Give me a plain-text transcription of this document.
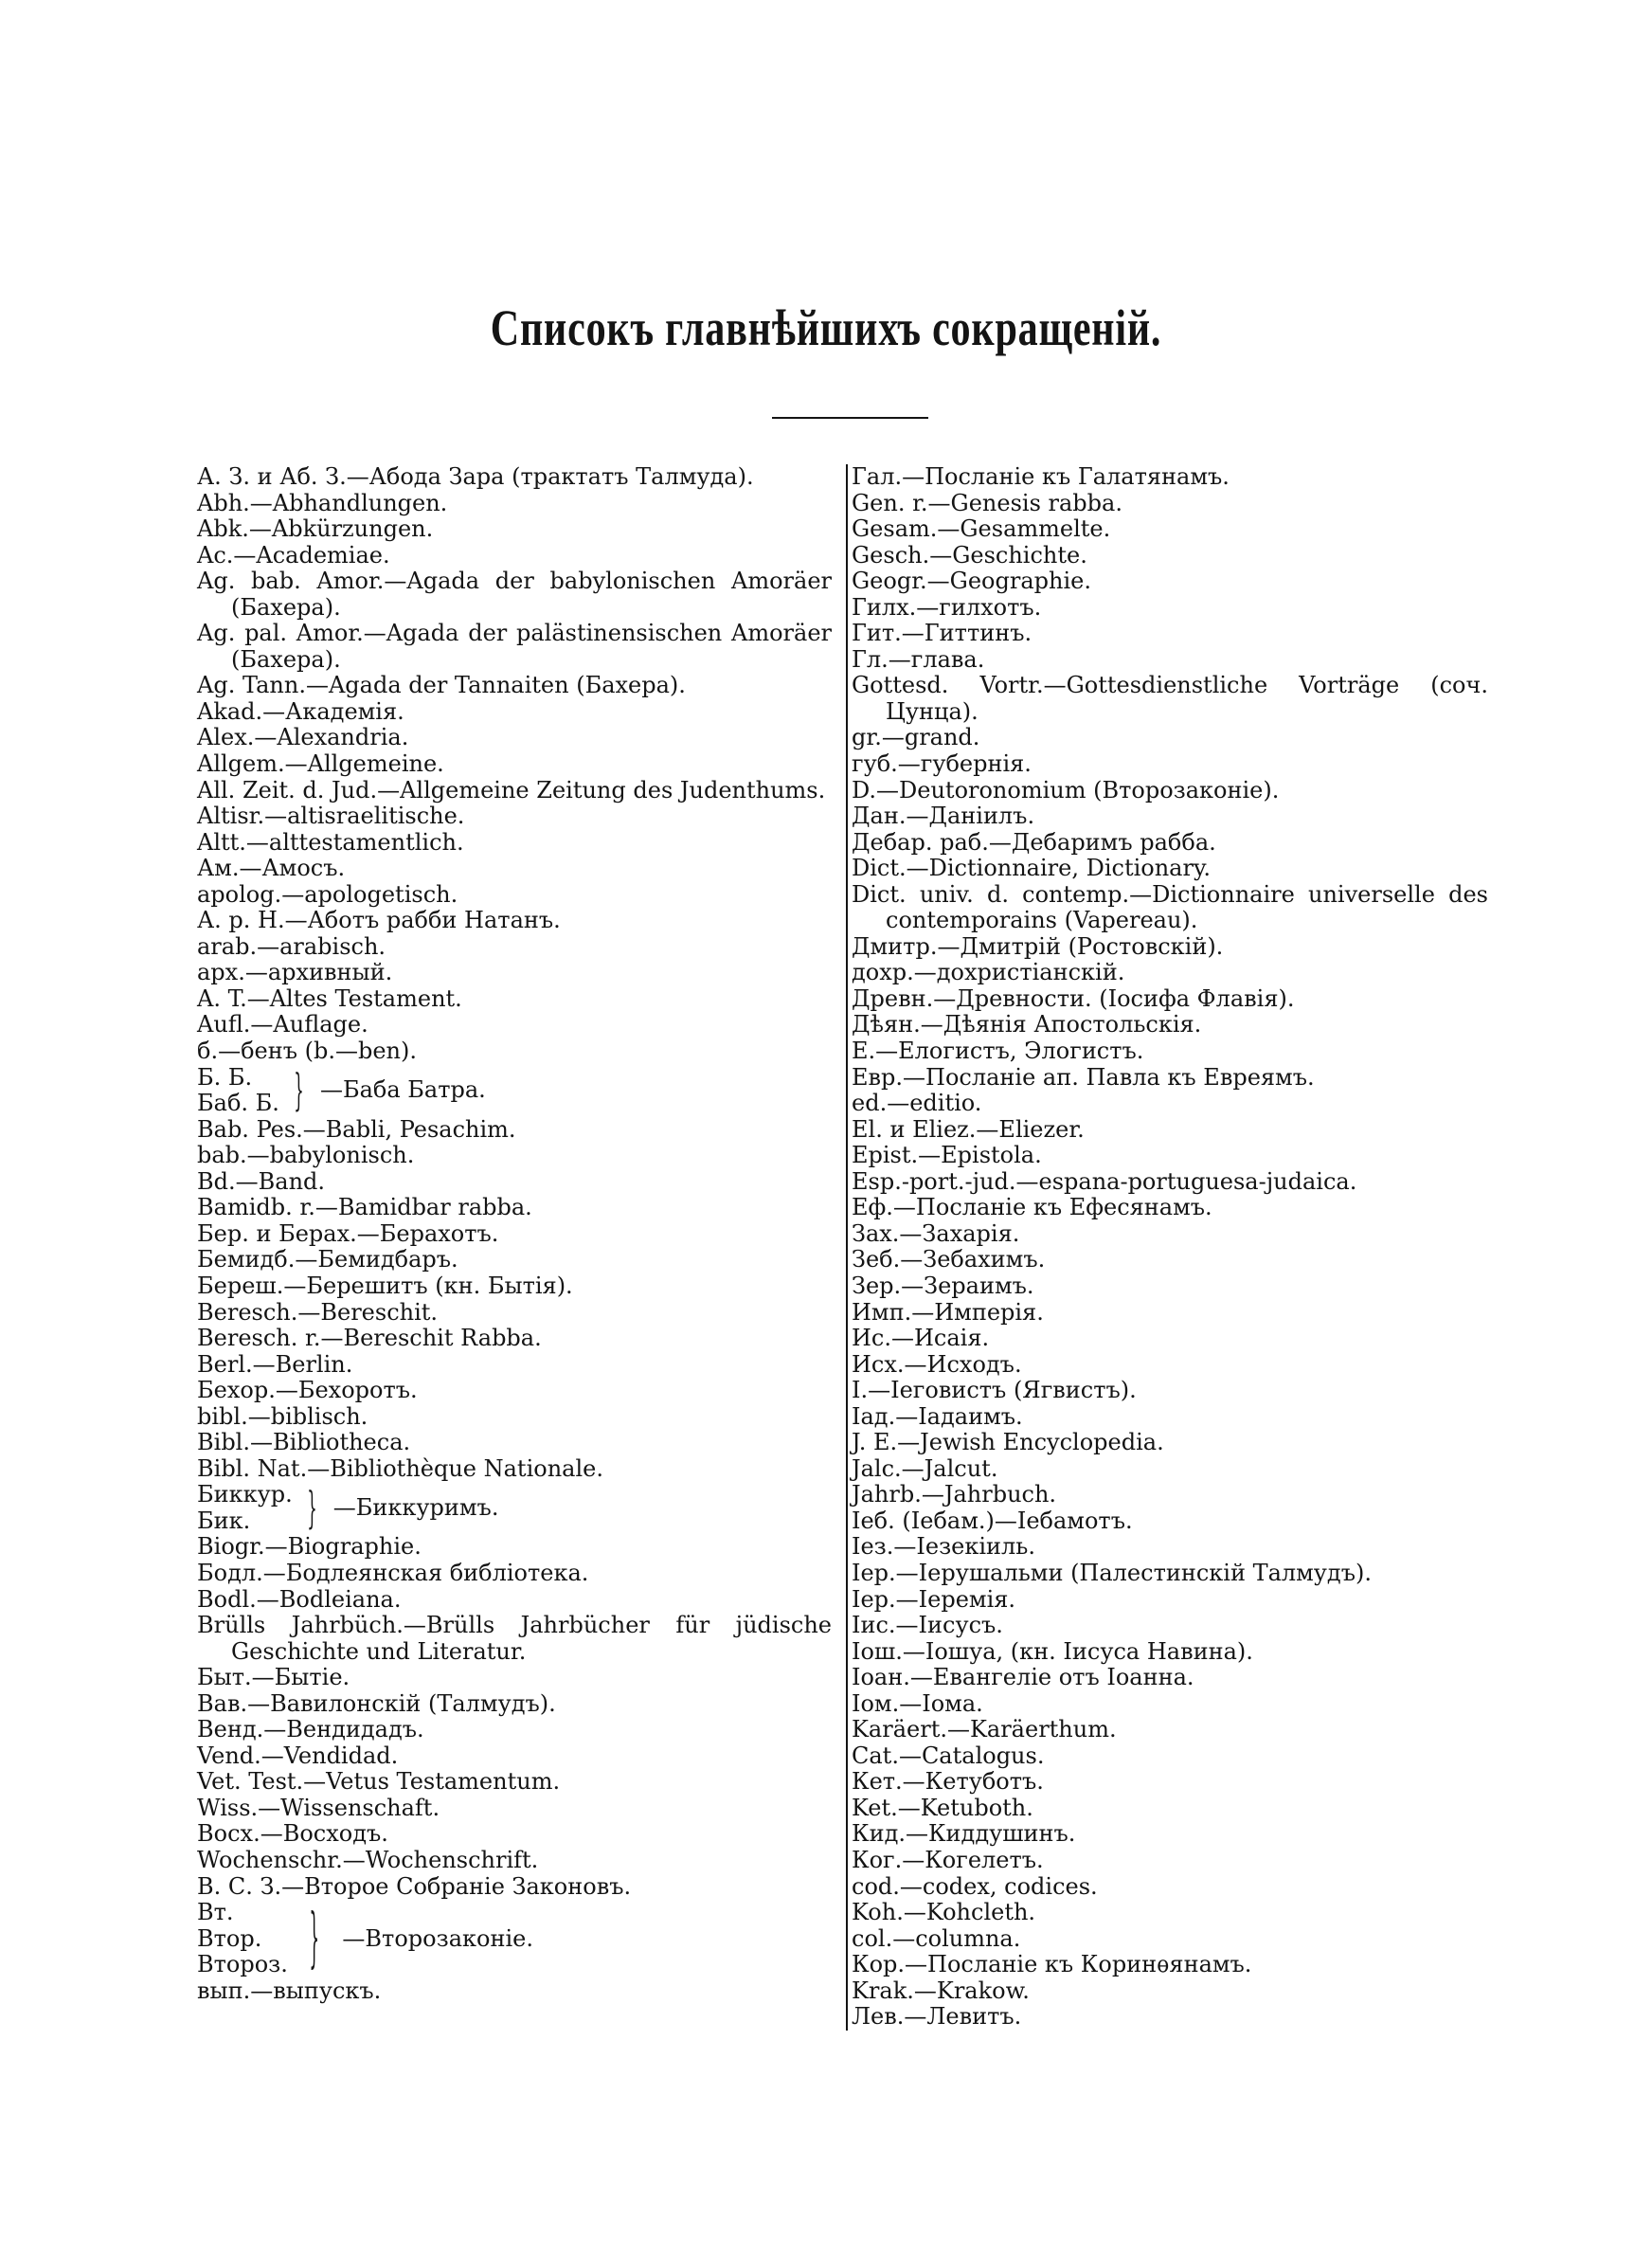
Списокъ главнѣйшихъ сокращеній.
А. З. и Аб. З.—Абода Зара (трактатъ Талмуда).
Abh.—Abhandlungen.
Abk.—Abkürzungen.
Ac.—Academiae.
Ag. bab. Amor.—Agada der babylonischen Amoräer (Бахера).
Ag. pal. Amor.—Agada der palästinensischen Amoräer (Бахера).
Ag. Tann.—Agada der Tannaiten (Бахера).
Akad.—Академія.
Alex.—Alexandria.
Allgem.—Allgemeine.
All. Zeit. d. Jud.—Allgemeine Zeitung des Judenthums.
Altisr.—altisraelitische.
Altt.—alttestamentlich.
Ам.—Амосъ.
apolog.—apologetisch.
А. р. Н.—Аботъ рабби Натанъ.
arab.—arabisch.
арх.—архивный.
A. T.—Altes Testament.
Aufl.—Auflage.
б.—бенъ (b.—ben).
Б. Б.
Баб. Б. } —Баба Батра.
Bab. Pes.—Babli, Pesachim.
bab.—babylonisch.
Bd.—Band.
Bamidb. r.—Bamidbar rabba.
Бер. и Берах.—Берахотъ.
Бемидб.—Бемидбаръ.
Береш.—Берешитъ (кн. Бытія).
Beresch.—Bereschit.
Beresch. r.—Bereschit Rabba.
Berl.—Berlin.
Бехор.—Бехоротъ.
bibl.—biblisch.
Bibl.—Bibliotheca.
Bibl. Nat.—Bibliothèque Nationale.
Биккур.
Бик.	} —Биккуримъ.
Biogr.—Biographie.
Бодл.—Бодлеянская библіотека.
Bodl.—Bodleiana.
Brülls Jahrbüch.—Brülls Jahrbücher für jüdische Geschichte und Literatur.
Быт.—Бытіе.
Вав.—Вавилонскій (Талмудъ).
Венд.—Вендидадъ.
Vend.—Vendidad.
Vet. Test.—Vetus Testamentum.
Wiss.—Wissenschaft.
Восх.—Восходъ.
Wochenschr.—Wochenschrift.
В. С. З.—Второе Собраніе Законовъ.
Вт.
Втор.
Второз. } —Второзаконіе.
вып.—выпускъ.
Гал.—Посланіе къ Галатянамъ.
Gen. r.—Genesis rabba.
Gesam.—Gesammelte.
Gesch.—Geschichte.
Geogr.—Geographie.
Гилх.—гилхотъ.
Гит.—Гиттинъ.
Гл.—глава.
Gottesd. Vortr.—Gottesdienstliche Vorträge (соч. Цунца).
gr.—grand.
губ.—губернія.
D.—Deutoronomium (Второзаконіе).
Дан.—Даніилъ.
Дебар. раб.—Дебаримъ рабба.
Dict.—Dictionnaire, Dictionary.
Dict. univ. d. contemp.—Dictionnaire universelle des contemporains (Vapereau).
Дмитр.—Дмитрій (Ростовскій).
дохр.—дохристіанскій.
Древн.—Древности. (Іосифа Флавія).
Дѣян.—Дѣянія Апостольскія.
Е.—Елогистъ, Элогистъ.
Евр.—Посланіе ап. Павла къ Евреямъ.
ed.—editio.
El. и Eliez.—Eliezer.
Epist.—Epistola.
Esp.-port.-jud.—espana-portuguesa-judaica.
Еф.—Посланіе къ Ефесянамъ.
Зах.—Захарія.
Зеб.—Зебахимъ.
Зер.—Зераимъ.
Имп.—Имперія.
Ис.—Исаія.
Исх.—Исходъ.
I.—Іеговистъ (Ягвистъ).
Іад.—Іадаимъ.
J. E.—Jewish Encyclopedia.
Jalc.—Jalcut.
Jahrb.—Jahrbuch.
Іеб. (Іебам.)—Іебамотъ.
Іез.—Іезекіиль.
Іер.—Іерушальми (Палестинскій Талмудъ).
Іер.—Іеремія.
Іис.—Іисусъ.
Іош.—Іошуа, (кн. Іисуса Навина).
Іоан.—Евангеліе отъ Іоанна.
Іом.—Іома.
Karäert.—Karäerthum.
Cat.—Catalogus.
Кет.—Кетуботъ.
Ket.—Ketuboth.
Кид.—Киддушинъ.
Ког.—Когелетъ.
cod.—codex, codices.
Koh.—Kohcleth.
col.—columna.
Кор.—Посланіе къ Коринѳянамъ.
Krak.—Krakow.
Лев.—Левитъ.
